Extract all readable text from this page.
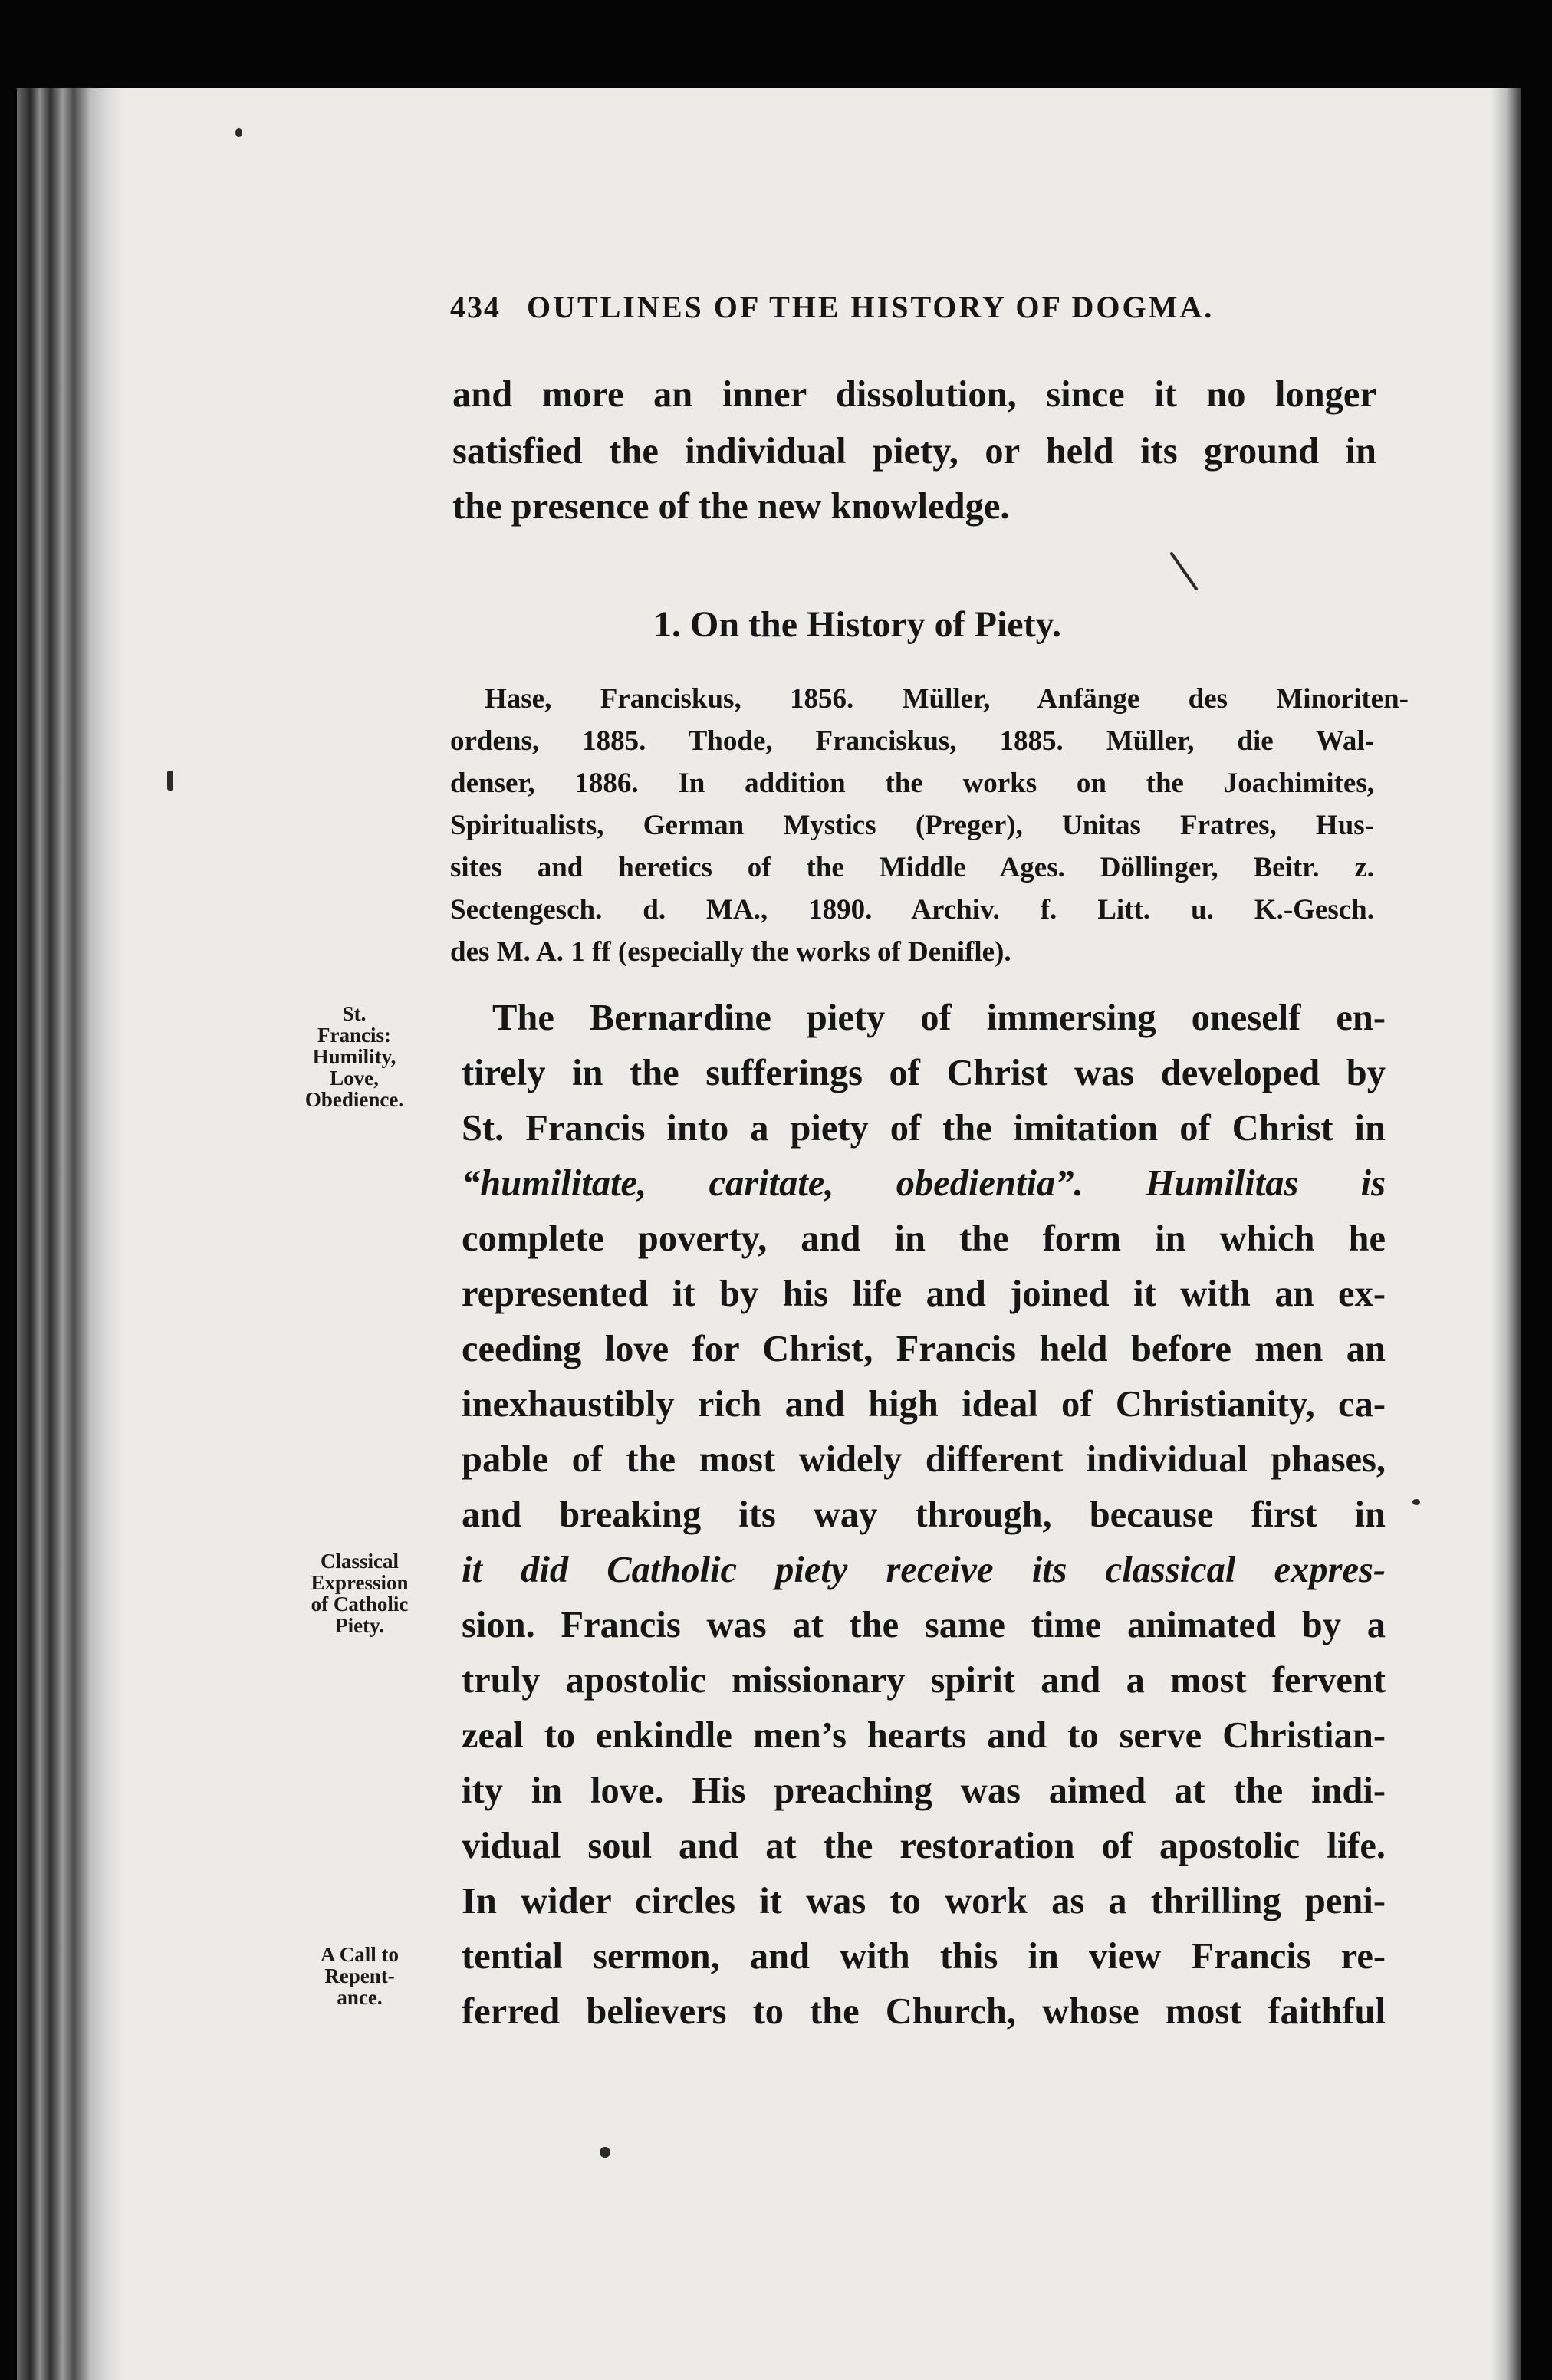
434 OUTLINES OF THE HISTORY OF DOGMA.
and more an inner dissolution, since it no longer
satisfied the individual piety, or held its ground in
the presence of the new knowledge.
1. On the History of Piety.
Hase, Franciskus, 1856. Müller, Anfänge des Minoriten-
ordens, 1885. Thode, Franciskus, 1885. Müller, die Wal-
denser, 1886. In addition the works on the Joachimites,
Spiritualists, German Mystics (Preger), Unitas Fratres, Hus-
sites and heretics of the Middle Ages. Döllinger, Beitr. z.
Sectengesch. d. MA., 1890. Archiv. f. Litt. u. K.-Gesch.
des M. A. 1 ff (especially the works of Denifle).
The Bernardine piety of immersing oneself en-
tirely in the sufferings of Christ was developed by
St. Francis into a piety of the imitation of Christ in
“humilitate, caritate, obedientia”. Humilitas is
complete poverty, and in the form in which he
represented it by his life and joined it with an ex-
ceeding love for Christ, Francis held before men an
inexhaustibly rich and high ideal of Christianity, ca-
pable of the most widely different individual phases,
and breaking its way through, because first in
it did Catholic piety receive its classical expres-
sion. Francis was at the same time animated by a
truly apostolic missionary spirit and a most fervent
zeal to enkindle men’s hearts and to serve Christian-
ity in love. His preaching was aimed at the indi-
vidual soul and at the restoration of apostolic life.
In wider circles it was to work as a thrilling peni-
tential sermon, and with this in view Francis re-
ferred believers to the Church, whose most faithful
St.
Francis:
Humility,
Love,
Obedience.
Classical
Expression
of Catholic
Piety.
A Call to
Repent-
ance.
